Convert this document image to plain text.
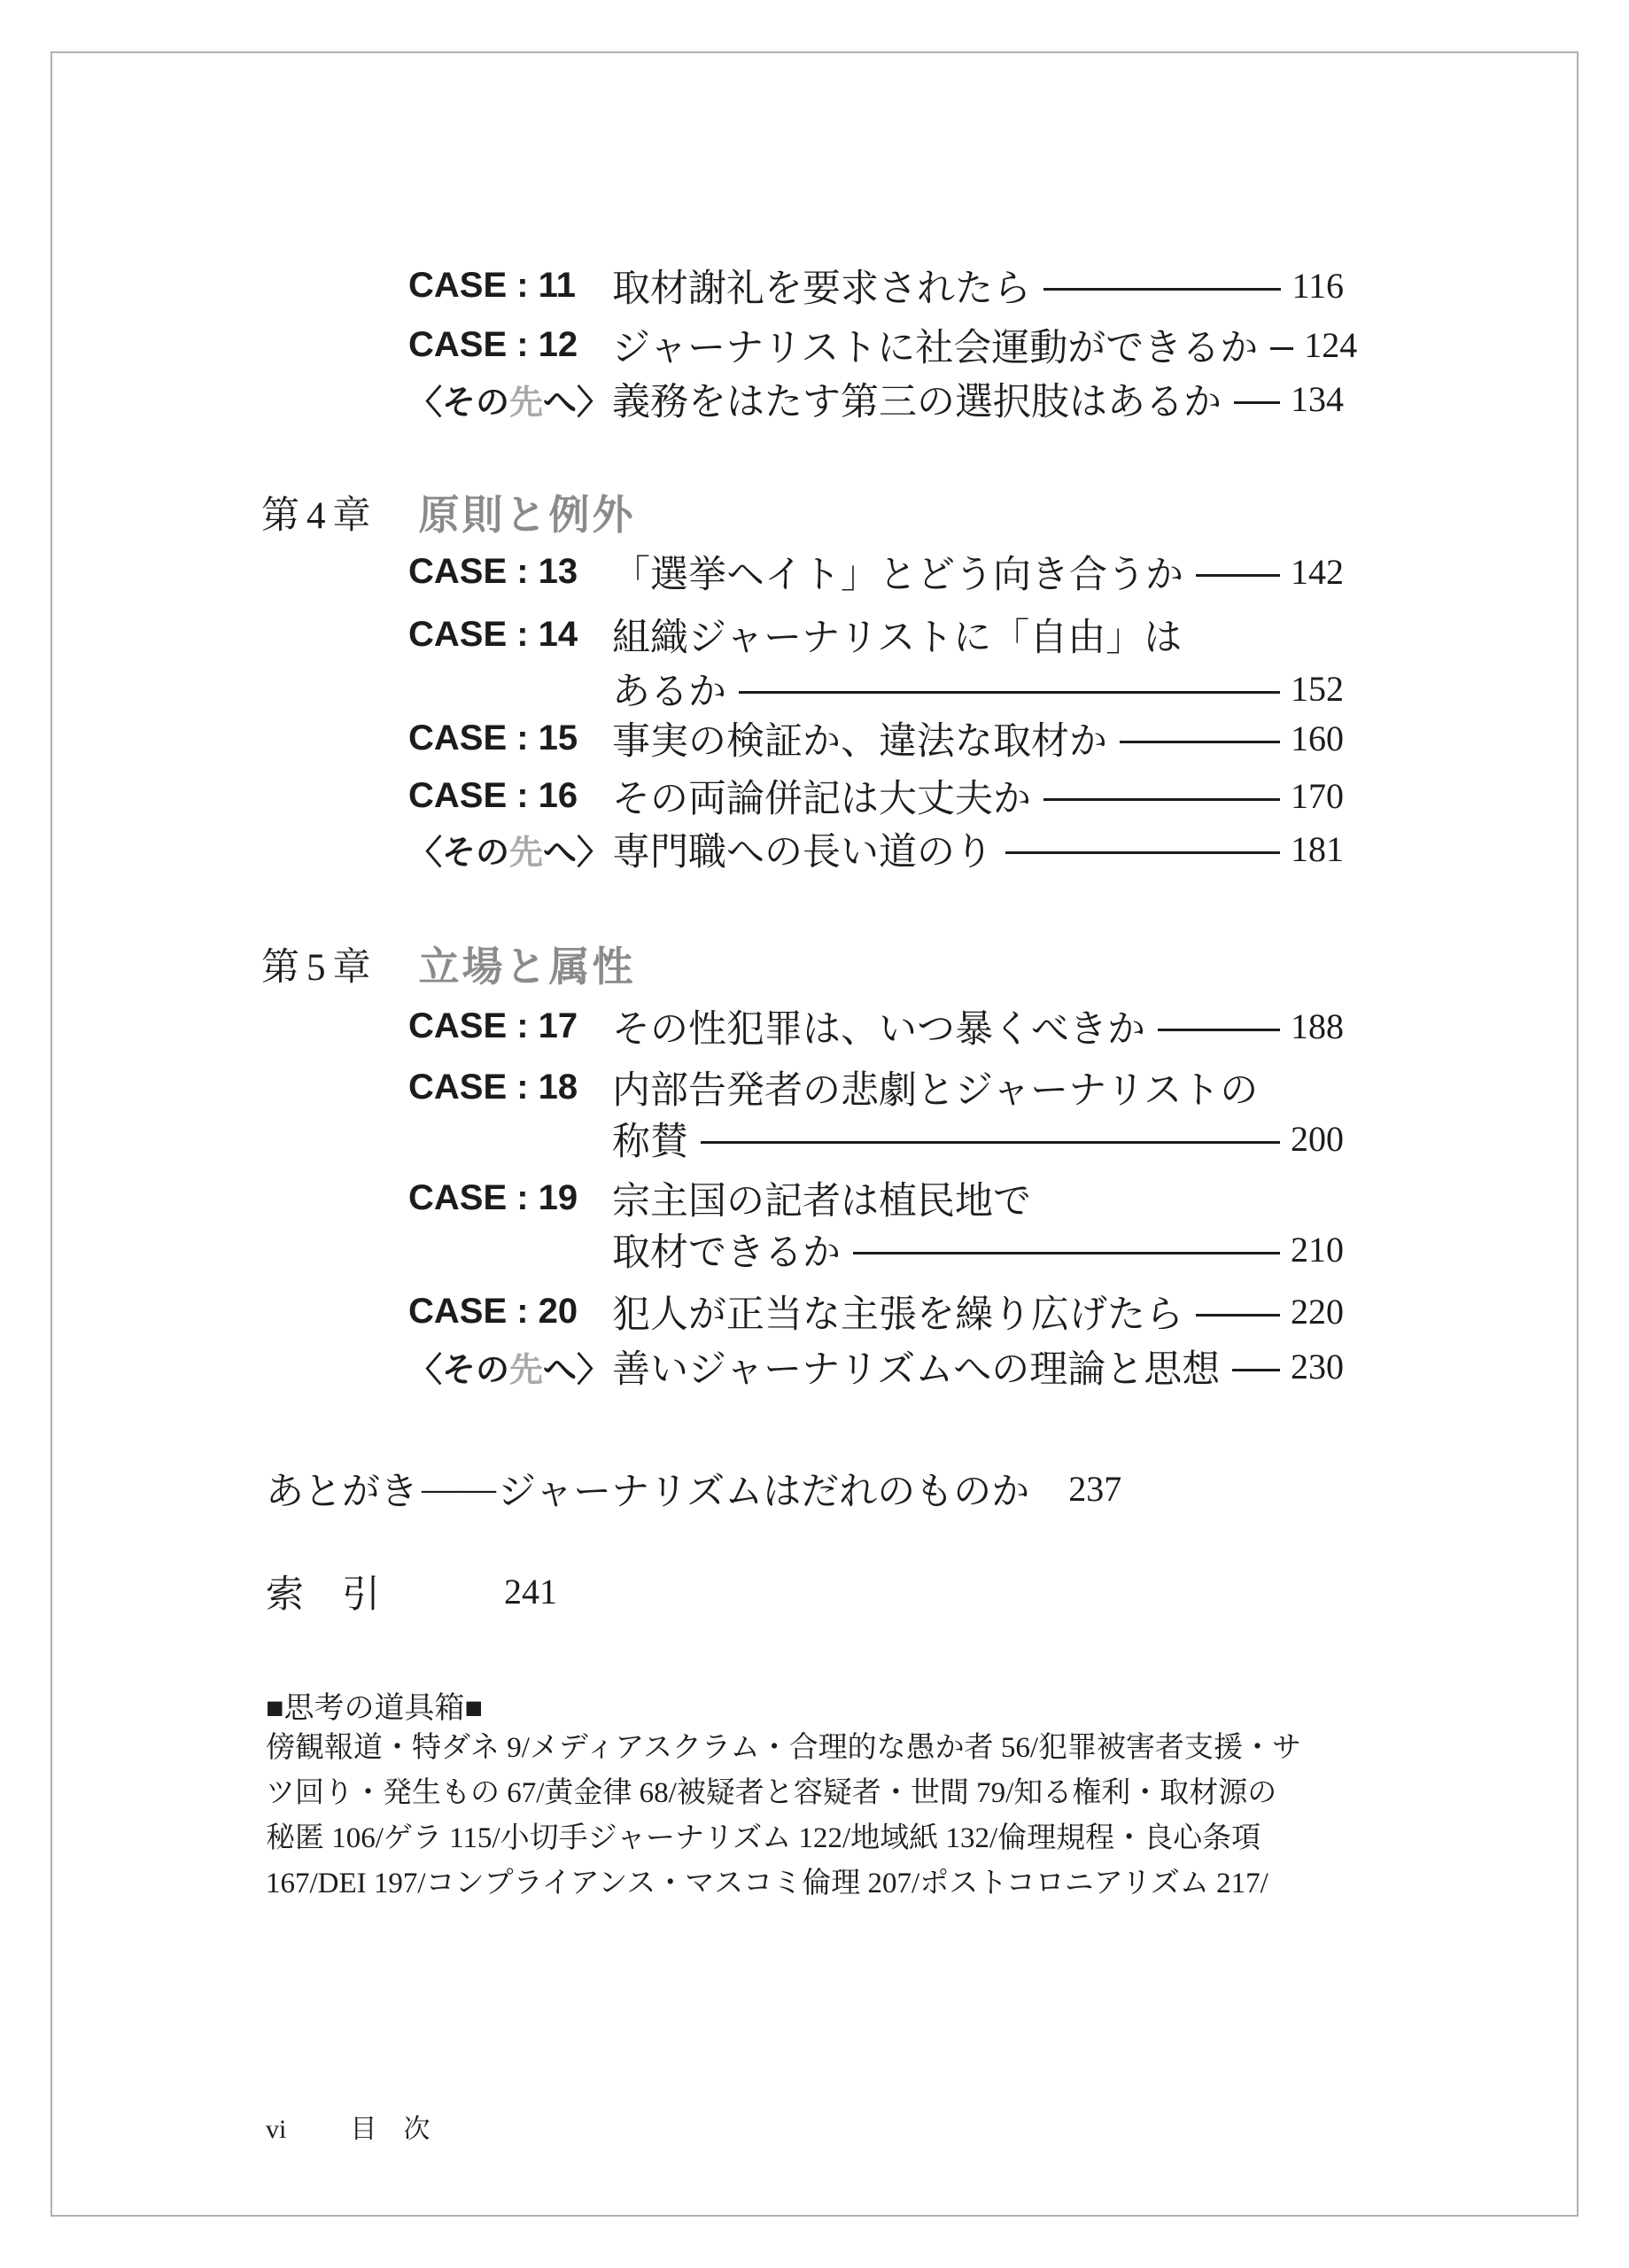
CASE : 11 取材謝礼を要求されたら	116
CASE : 12 ジャーナリストに社会運動ができるか 124
〈その先へ〉 義務をはたす第三の選択肢はあるか 134
第4章 原則と例外
CASE : 13 「選挙ヘイト」とどう向き合うか	142
CASE : 14 組織ジャーナリストに「自由」は
あるか	152
CASE : 15 事実の検証か、違法な取材か	160
CASE : 16 その両論併記は大丈夫か	170
〈その先へ〉 専門職への長い道のり	181
第5章 立場と属性
CASE : 17 その性犯罪は、いつ暴くべきか	188
CASE : 18 内部告発者の悲劇とジャーナリストの
称賛	200
CASE : 19 宗主国の記者は植民地で
取材できるか	210
CASE : 20 犯人が正当な主張を繰り広げたら	220
〈その先へ〉 善いジャーナリズムへの理論と思想 230
あとがき ―― ジャーナリズムはだれのものか 237
索　引	241
■思考の道具箱■
傍観報道・特ダネ 9/メディアスクラム・合理的な愚か者 56/犯罪被害者支援・サ
ツ回り・発生もの 67/黄金律 68/被疑者と容疑者・世間 79/知る権利・取材源の
秘匿 106/ゲラ 115/小切手ジャーナリズム 122/地域紙 132/倫理規程・良心条項
167/DEI 197/コンプライアンス・マスコミ倫理 207/ポストコロニアリズム 217/
vi 目　次
